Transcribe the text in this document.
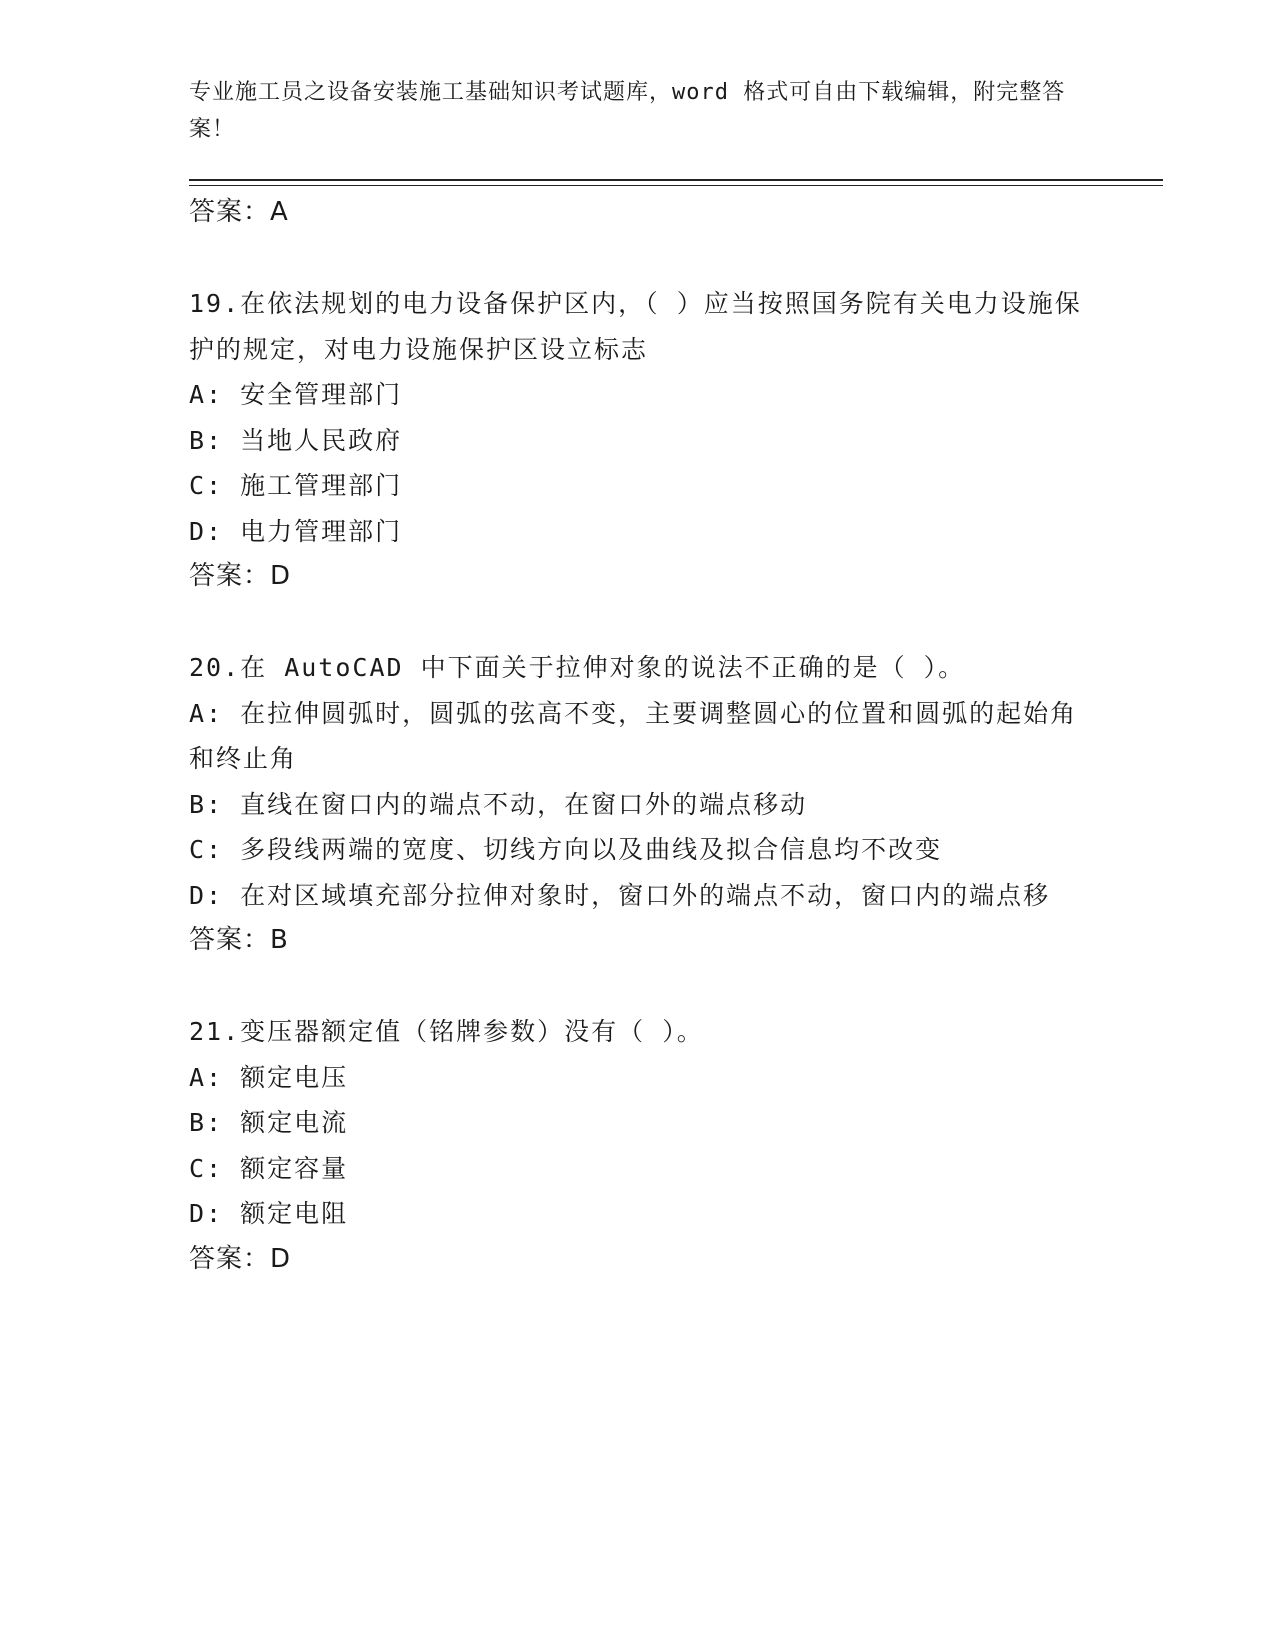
专业施工员之设备安装施工基础知识考试题库，word 格式可自由下载编辑，附完整答案！
答案：A
19.在依法规划的电力设备保护区内，（ ）应当按照国务院有关电力设施保护的规定，对电力设施保护区设立标志
A: 安全管理部门
B: 当地人民政府
C: 施工管理部门
D: 电力管理部门
答案：D
20.在 AutoCAD 中下面关于拉伸对象的说法不正确的是（ ）。
A: 在拉伸圆弧时，圆弧的弦高不变，主要调整圆心的位置和圆弧的起始角和终止角
B: 直线在窗口内的端点不动，在窗口外的端点移动
C: 多段线两端的宽度、切线方向以及曲线及拟合信息均不改变
D: 在对区域填充部分拉伸对象时，窗口外的端点不动，窗口内的端点移
答案：B
21.变压器额定值（铭牌参数）没有（ ）。
A: 额定电压
B: 额定电流
C: 额定容量
D: 额定电阻
答案：D
